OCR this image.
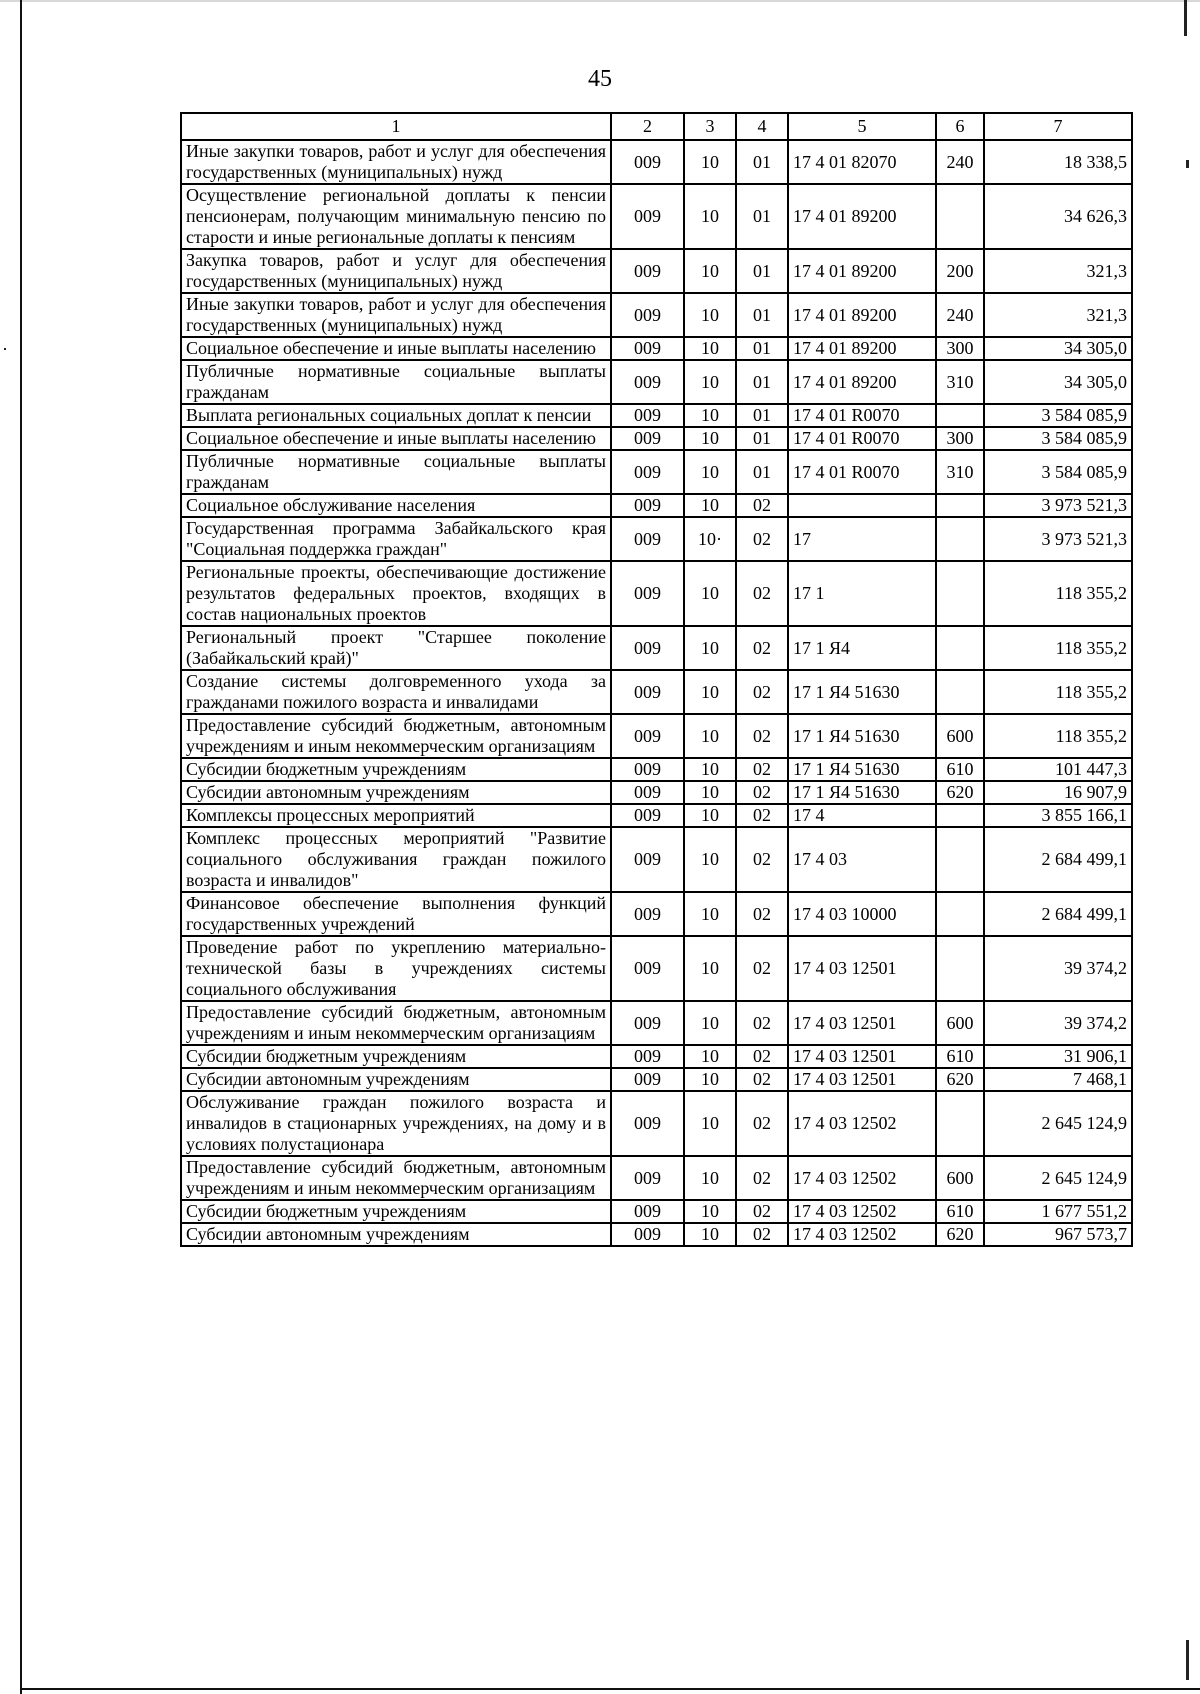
45
1	2	3	4	5	6	7
Иные закупки товаров, работ и услуг для обеспечения государственных (муниципальных) нужд	009	10	01	17 4 01 82070	240	18 338,5
Осуществление региональной доплаты к пенсии пенсионерам, получающим минимальную пенсию по старости и иные региональные доплаты к пенсиям	009	10	01	17 4 01 89200		34 626,3
Закупка товаров, работ и услуг для обеспечения государственных (муниципальных) нужд	009	10	01	17 4 01 89200	200	321,3
Иные закупки товаров, работ и услуг для обеспечения государственных (муниципальных) нужд	009	10	01	17 4 01 89200	240	321,3
Социальное обеспечение и иные выплаты населению	009	10	01	17 4 01 89200	300	34 305,0
Публичные нормативные социальные выплаты гражданам	009	10	01	17 4 01 89200	310	34 305,0
Выплата региональных социальных доплат к пенсии	009	10	01	17 4 01 R0070		3 584 085,9
Социальное обеспечение и иные выплаты населению	009	10	01	17 4 01 R0070	300	3 584 085,9
Публичные нормативные социальные выплаты гражданам	009	10	01	17 4 01 R0070	310	3 584 085,9
Социальное обслуживание населения	009	10	02			3 973 521,3
Государственная программа Забайкальского края "Социальная поддержка граждан"	009	10·	02	17		3 973 521,3
Региональные проекты, обеспечивающие достижение результатов федеральных проектов, входящих в состав национальных проектов	009	10	02	17 1		118 355,2
Региональный проект "Старшее поколение (Забайкальский край)"	009	10	02	17 1 Я4		118 355,2
Создание системы долговременного ухода за гражданами пожилого возраста и инвалидами	009	10	02	17 1 Я4 51630		118 355,2
Предоставление субсидий бюджетным, автономным учреждениям и иным некоммерческим организациям	009	10	02	17 1 Я4 51630	600	118 355,2
Субсидии бюджетным учреждениям	009	10	02	17 1 Я4 51630	610	101 447,3
Субсидии автономным учреждениям	009	10	02	17 1 Я4 51630	620	16 907,9
Комплексы процессных мероприятий	009	10	02	17 4		3 855 166,1
Комплекс процессных мероприятий "Развитие социального обслуживания граждан пожилого возраста и инвалидов"	009	10	02	17 4 03		2 684 499,1
Финансовое обеспечение выполнения функций государственных учреждений	009	10	02	17 4 03 10000		2 684 499,1
Проведение работ по укреплению материально-технической базы в учреждениях системы социального обслуживания	009	10	02	17 4 03 12501		39 374,2
Предоставление субсидий бюджетным, автономным учреждениям и иным некоммерческим организациям	009	10	02	17 4 03 12501	600	39 374,2
Субсидии бюджетным учреждениям	009	10	02	17 4 03 12501	610	31 906,1
Субсидии автономным учреждениям	009	10	02	17 4 03 12501	620	7 468,1
Обслуживание граждан пожилого возраста и инвалидов в стационарных учреждениях, на дому и в условиях полустационара	009	10	02	17 4 03 12502		2 645 124,9
Предоставление субсидий бюджетным, автономным учреждениям и иным некоммерческим организациям	009	10	02	17 4 03 12502	600	2 645 124,9
Субсидии бюджетным учреждениям	009	10	02	17 4 03 12502	610	1 677 551,2
Субсидии автономным учреждениям	009	10	02	17 4 03 12502	620	967 573,7
